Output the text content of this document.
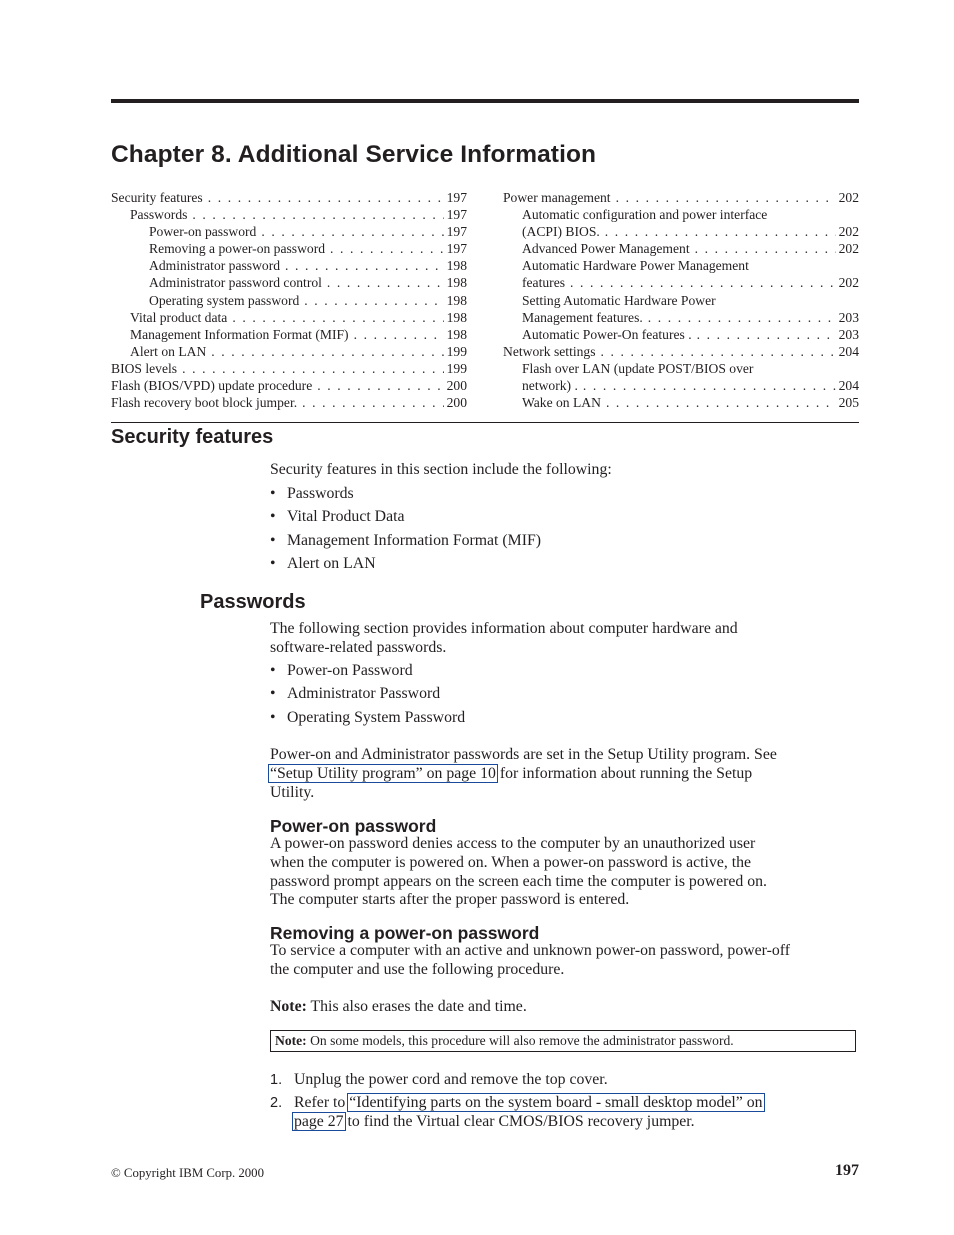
Chapter 8. Additional Service Information
Security features . . .	197
Passwords . . .	197
Power-on password . . .	197
Removing a power-on password . . .	197
Administrator password . . .	198
Administrator password control . . .	198
Operating system password . . .	198
Vital product data . . .	198
Management Information Format (MIF) . . .	198
Alert on LAN . . .	199
BIOS levels . . .	199
Flash (BIOS/VPD) update procedure . . .	200
Flash recovery boot block jumper. . . .	200
Power management . . .	202
Automatic configuration and power interface
(ACPI) BIOS. . . .	202
Advanced Power Management . . .	202
Automatic Hardware Power Management
features . . .	202
Setting Automatic Hardware Power
Management features. . . .	203
Automatic Power-On features . . . .	203
Network settings . . .	204
Flash over LAN (update POST/BIOS over
network) . . . .	204
Wake on LAN . . .	205
Security features

Security features in this section include the following:

• Passwords
• Vital Product Data
• Management Information Format (MIF)
• Alert on LAN
Passwords

The following section provides information about computer hardware and
software-related passwords.

• Power-on Password
• Administrator Password
• Operating System Password

Power-on and Administrator passwords are set in the Setup Utility program. See
“Setup Utility program” on page 10 for information about running the Setup
Utility.

Power-on password

A power-on password denies access to the computer by an unauthorized user
when the computer is powered on. When a power-on password is active, the
password prompt appears on the screen each time the computer is powered on.
The computer starts after the proper password is entered.

Removing a power-on password

To service a computer with an active and unknown power-on password, power-off
the computer and use the following procedure.

Note: This also erases the date and time.

Note: On some models, this procedure will also remove the administrator password.
1. Unplug the power cord and remove the top cover.
2. Refer to “Identifying parts on the system board - small desktop model” on
page 27 to find the Virtual clear CMOS/BIOS recovery jumper.
© Copyright IBM Corp. 2000	197
